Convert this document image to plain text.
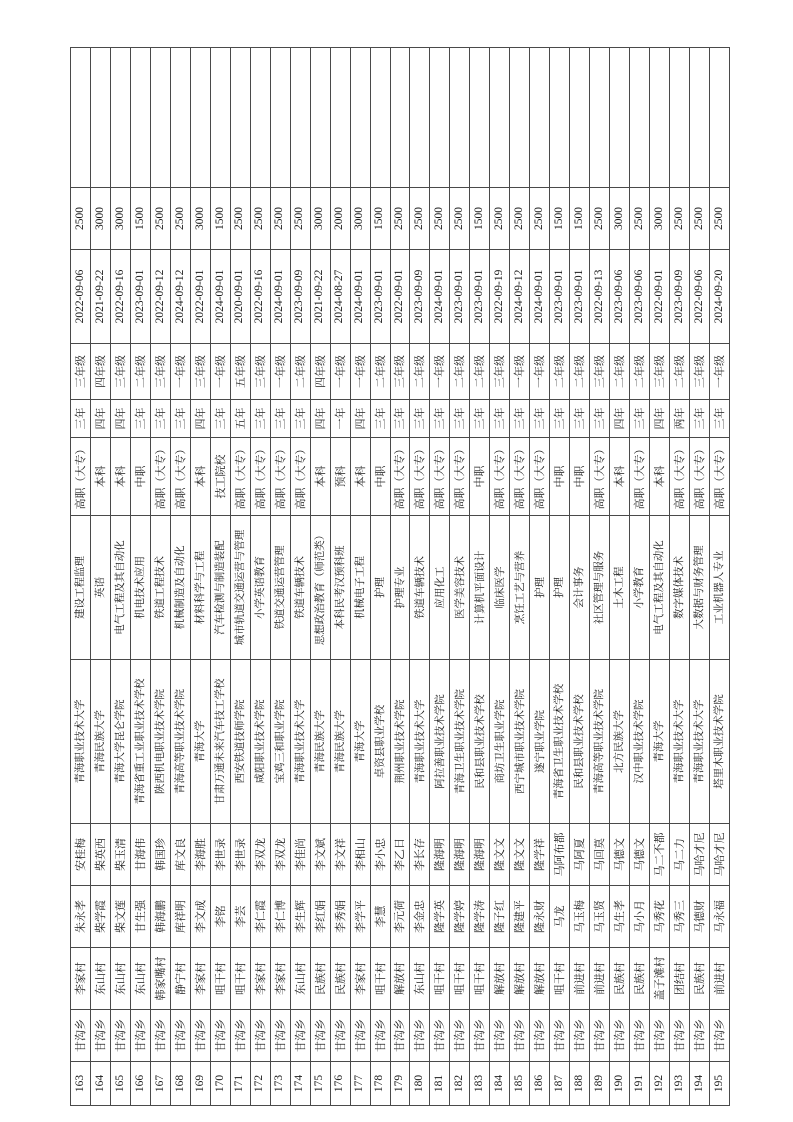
163	甘沟乡	李家村	朱永孝	安桂梅	青海职业技术大学	建设工程监理	高职（大专）	三年	三年级	2022-09-06	2500	
164	甘沟乡	东山村	柴学霞	柴英西	青海民族大学	英语	本科	四年	四年级	2021-09-22	3000	
165	甘沟乡	东山村	柴文莲	柴玉清	青海大学昆仑学院	电气工程及其自动化	本科	四年	三年级	2022-09-16	3000	
166	甘沟乡	东山村	甘生强	甘海伟	青海省重工业职业技术学校	机电技术应用	中职	三年	二年级	2023-09-01	1500	
167	甘沟乡	韩家嘴村	韩海鹏	韩国珍	陕西机电职业技术学院	铁道工程技术	高职（大专）	三年	三年级	2022-09-12	2500	
168	甘沟乡	静宁村	库祥明	库文良	青海高等职业技术学院	机械制造及自动化	高职（大专）	三年	一年级	2024-09-12	2500	
169	甘沟乡	李家村	李文成	李海胜	青海大学	材料科学与工程	本科	四年	三年级	2022-09-01	3000	
170	甘沟乡	咀干村	李铭	李世录	甘肃万通未来汽车技工学校	汽车检测与制造装配	技工院校	三年	一年级	2024-09-01	1500	
171	甘沟乡	咀干村	李芸	李世录	西安铁道技师学院	城市轨道交通运营与管理	高职（大专）	五年	五年级	2020-09-01	2500	
172	甘沟乡	李家村	李仁霞	李双龙	咸阳职业技术学院	小学英语教育	高职（大专）	三年	三年级	2022-09-16	2500	
173	甘沟乡	李家村	李仁博	李双龙	宝鸡三和职业学院	铁道交通运营管理	高职（大专）	三年	一年级	2024-09-01	2500	
174	甘沟乡	东山村	李生辉	李佳尚	青海职业技术大学	铁道车辆技术	高职（大专）	三年	二年级	2023-09-09	2500	
175	甘沟乡	民族村	李红娟	李文斌	青海民族大学	思想政治教育（师范类）	本科	四年	四年级	2021-09-22	3000	
176	甘沟乡	民族村	李秀娟	李文祥	青海民族大学	本科民考汉预科班	预科	一年	一年级	2024-08-27	2000	
177	甘沟乡	李家村	李学平	李相山	青海大学	机械电子工程	本科	四年	一年级	2024-09-01	3000	
178	甘沟乡	咀干村	李慧	李小忠	卓资县职业学校	护理	中职	三年	二年级	2023-09-01	1500	
179	甘沟乡	解放村	李元荷	李乙日	荆州职业技术学院	护理专业	高职（大专）	三年	三年级	2022-09-01	2500	
180	甘沟乡	东山村	李金忠	李长存	青海职业技术大学	铁道车辆技术	高职（大专）	三年	二年级	2023-09-09	2500	
181	甘沟乡	咀干村	隆学英	隆海明	阿拉善职业技术学院	应用化工	高职（大专）	三年	一年级	2024-09-01	2500	
182	甘沟乡	咀干村	隆学婷	隆海明	青海卫生职业技术学院	医学美容技术	高职（大专）	三年	二年级	2023-09-01	2500	
183	甘沟乡	咀干村	隆学涛	隆海明	民和县职业技术学校	计算机平面设计	中职	三年	二年级	2023-09-01	1500	
184	甘沟乡	解放村	隆子红	隆文文	商坊卫生职业学院	临床医学	高职（大专）	三年	三年级	2022-09-19	2500	
185	甘沟乡	解放村	隆建平	隆文文	西宁城市职业技术学院	烹饪工艺与营养	高职（大专）	三年	一年级	2024-09-12	2500	
186	甘沟乡	解放村	隆永财	隆学祥	遂宁职业学院	护理	高职（大专）	三年	一年级	2024-09-01	2500	
187	甘沟乡	咀干村	马龙	马阿布都	青海省卫生职业技术学校	护理	中职	三年	二年级	2023-09-01	1500	
188	甘沟乡	前进村	马玉梅	马阿夏	民和县职业技术学校	会计事务	中职	三年	二年级	2023-09-01	1500	
189	甘沟乡	前进村	马玉贤	马回莫	青海高等职业技术学院	社区管理与服务	高职（大专）	三年	三年级	2022-09-13	2500	
190	甘沟乡	民族村	马生孝	马德文	北方民族大学	土木工程	本科	四年	二年级	2023-09-06	3000	
191	甘沟乡	民族村	马小月	马德文	汉中职业技术学院	小学教育	高职（大专）	三年	二年级	2023-09-06	2500	
192	甘沟乡	盖子滩村	马秀花	马二不都	青海大学	电气工程及其自动化	本科	四年	三年级	2022-09-01	3000	
193	甘沟乡	团结村	马秀三	马二力	青海职业技术大学	数字媒体技术	高职（大专）	两年	二年级	2023-09-09	2500	
194	甘沟乡	民族村	马德财	马哈才尼	青海职业技术大学	大数据与财务管理	高职（大专）	三年	三年级	2022-09-06	2500	
195	甘沟乡	前进村	马永福	马哈才尼	塔里木职业技术学院	工业机器人专业	高职（大专）	三年	一年级	2024-09-20	2500	
